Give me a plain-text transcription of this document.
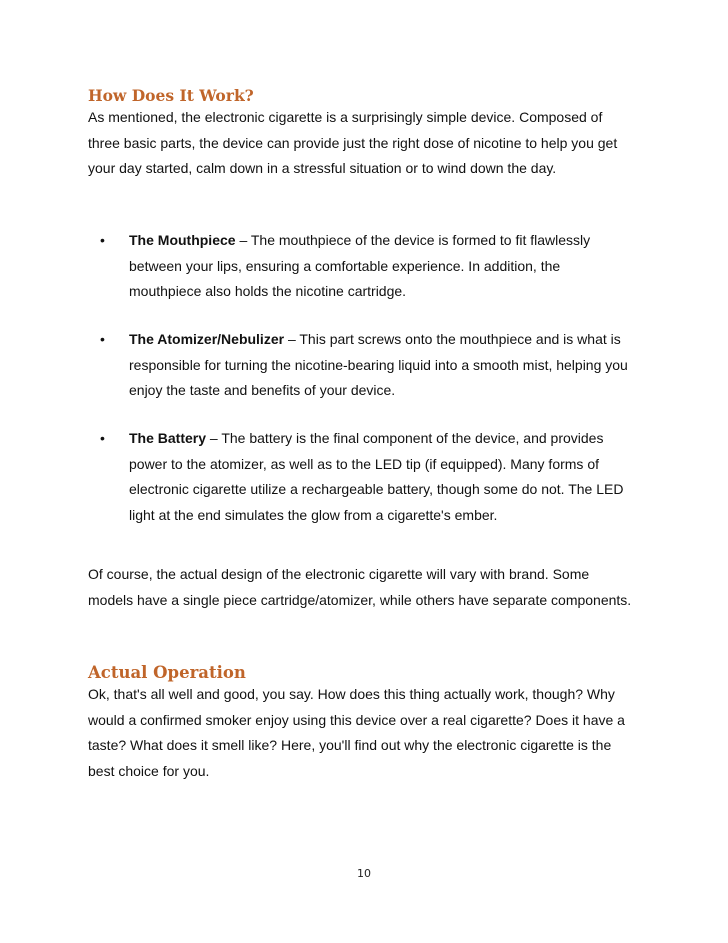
How Does It Work?

As mentioned, the electronic cigarette is a surprisingly simple device. Composed of
three basic parts, the device can provide just the right dose of nicotine to help you get
your day started, calm down in a stressful situation or to wind down the day.

•	The Mouthpiece – The mouthpiece of the device is formed to fit flawlessly
between your lips, ensuring a comfortable experience. In addition, the
mouthpiece also holds the nicotine cartridge.
•	The Atomizer/Nebulizer – This part screws onto the mouthpiece and is what is
responsible for turning the nicotine-bearing liquid into a smooth mist, helping you
enjoy the taste and benefits of your device.
•	The Battery – The battery is the final component of the device, and provides
power to the atomizer, as well as to the LED tip (if equipped). Many forms of
electronic cigarette utilize a rechargeable battery, though some do not. The LED
light at the end simulates the glow from a cigarette's ember.

Of course, the actual design of the electronic cigarette will vary with brand. Some
models have a single piece cartridge/atomizer, while others have separate components.

Actual Operation

Ok, that's all well and good, you say. How does this thing actually work, though? Why
would a confirmed smoker enjoy using this device over a real cigarette? Does it have a
taste? What does it smell like? Here, you'll find out why the electronic cigarette is the
best choice for you.

10
